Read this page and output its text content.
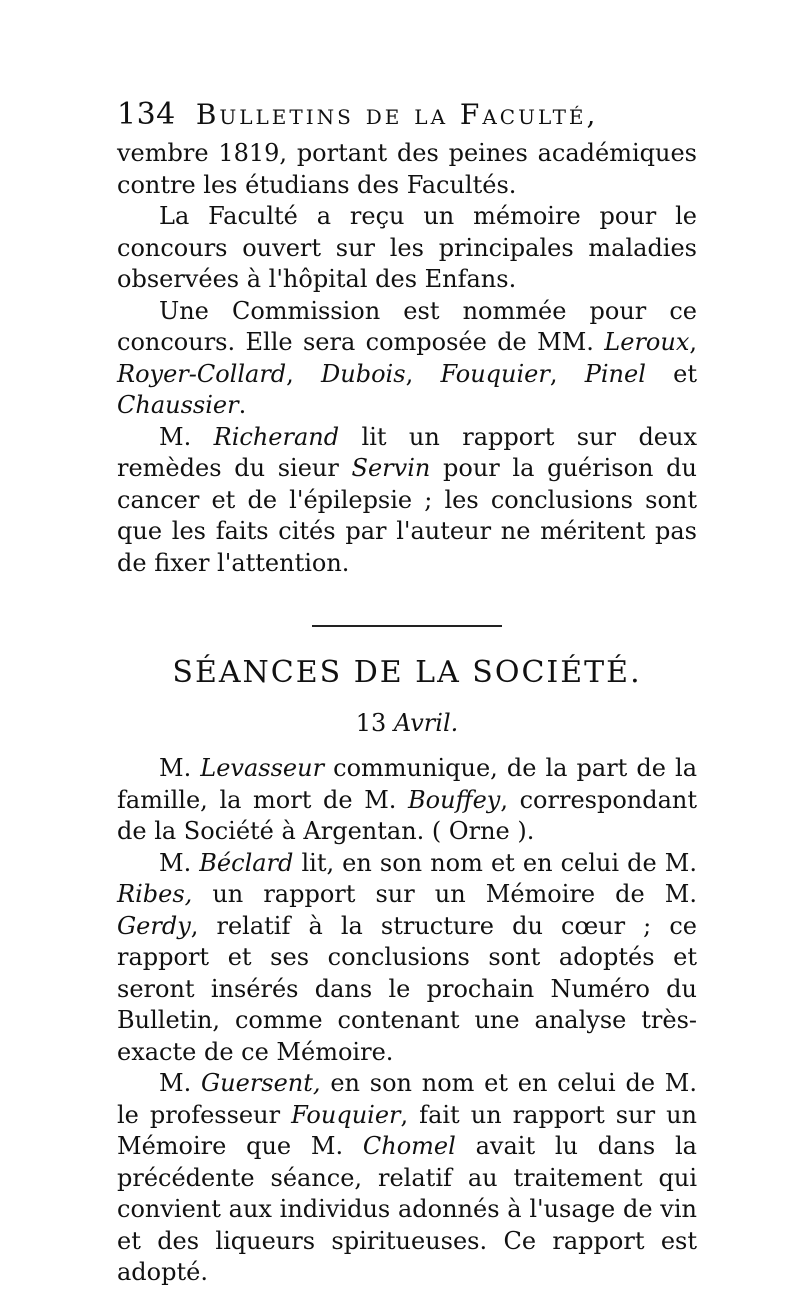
134 Bulletins de la Faculté,

vembre 1819, portant des peines académiques contre les étudians des Facultés.

La Faculté a reçu un mémoire pour le concours ouvert sur les principales maladies observées à l'hôpital des Enfans.

Une Commission est nommée pour ce concours. Elle sera composée de MM. Leroux, Royer-Collard, Dubois, Fouquier, Pinel et Chaussier.

M. Richerand lit un rapport sur deux remèdes du sieur Servin pour la guérison du cancer et de l'épilepsie ; les conclusions sont que les faits cités par l'auteur ne méritent pas de fixer l'attention.

SÉANCES DE LA SOCIÉTÉ.
13 Avril.

M. Levasseur communique, de la part de la famille, la mort de M. Bouffey, correspondant de la Société à Argentan. ( Orne ).

M. Béclard lit, en son nom et en celui de M. Ribes, un rapport sur un Mémoire de M. Gerdy, relatif à la structure du cœur ; ce rapport et ses conclusions sont adoptés et seront insérés dans le prochain Numéro du Bulletin, comme contenant une analyse très-exacte de ce Mémoire.

M. Guersent, en son nom et en celui de M. le professeur Fouquier, fait un rapport sur un Mémoire que M. Chomel avait lu dans la précédente séance, relatif au traitement qui convient aux individus adonnés à l'usage de vin et des liqueurs spiritueuses. Ce rapport est adopté.
